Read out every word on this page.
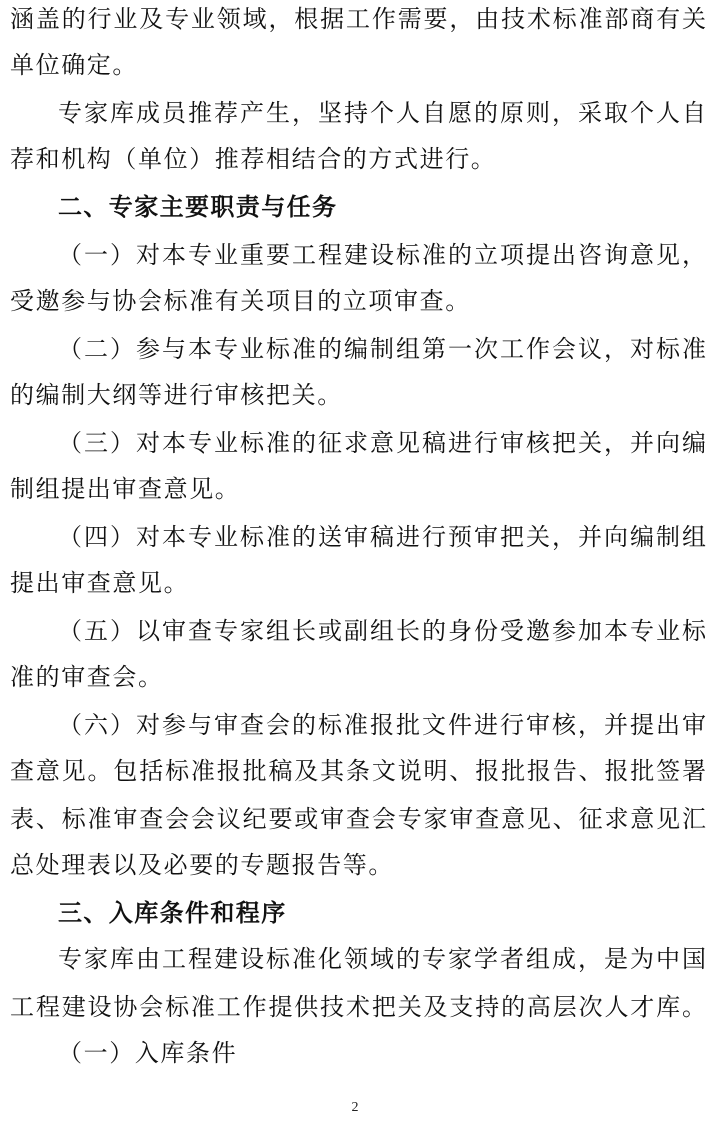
涵盖的行业及专业领域，根据工作需要，由技术标准部商有关
单位确定。
专家库成员推荐产生，坚持个人自愿的原则，采取个人自
荐和机构（单位）推荐相结合的方式进行。
二、专家主要职责与任务
（一）对本专业重要工程建设标准的立项提出咨询意见，
受邀参与协会标准有关项目的立项审查。
（二）参与本专业标准的编制组第一次工作会议，对标准
的编制大纲等进行审核把关。
（三）对本专业标准的征求意见稿进行审核把关，并向编
制组提出审查意见。
（四）对本专业标准的送审稿进行预审把关，并向编制组
提出审查意见。
（五）以审查专家组长或副组长的身份受邀参加本专业标
准的审查会。
（六）对参与审查会的标准报批文件进行审核，并提出审
查意见。包括标准报批稿及其条文说明、报批报告、报批签署
表、标准审查会会议纪要或审查会专家审查意见、征求意见汇
总处理表以及必要的专题报告等。
三、入库条件和程序
专家库由工程建设标准化领域的专家学者组成，是为中国
工程建设协会标准工作提供技术把关及支持的高层次人才库。
（一）入库条件
2
